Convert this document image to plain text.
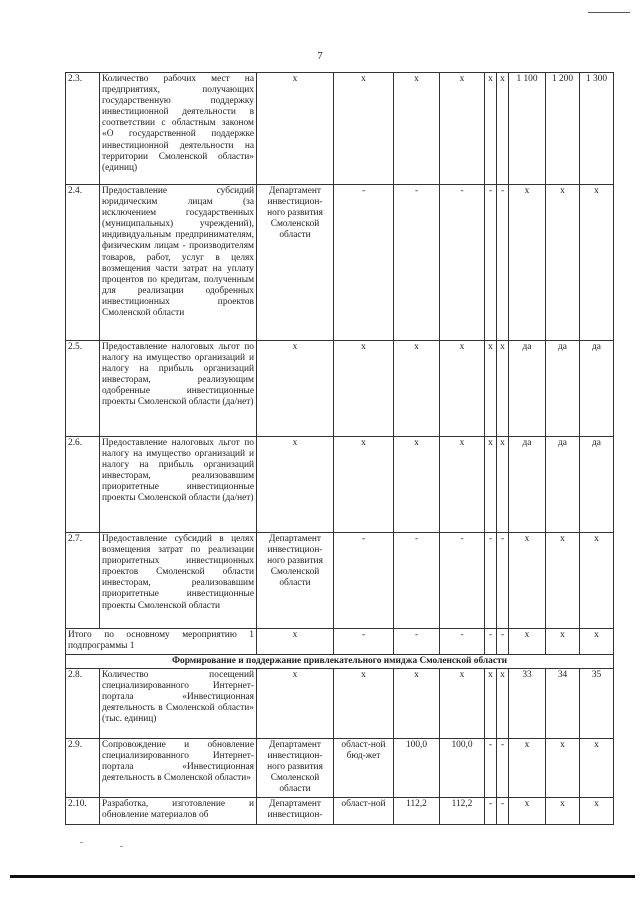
7
2.3.	Количество рабочих мест на предприятиях, получающих государственную поддержку инвестиционной деятельности в соответствии с областным законом «О государственной поддержке инвестиционной деятельности на территории Смоленской области» (единиц)	х	х	х	х	х	х	1 100	1 200	1 300
2.4.	Предоставление субсидий юридическим лицам (за исключением государственных (муниципальных) учреждений), индивидуальным предпринимателям, физическим лицам - производителям товаров, работ, услуг в целях возмещения части затрат на уплату процентов по кредитам, полученным для реализации одобренных инвестиционных проектов Смоленской области	Департамент инвестицион-ного развития Смоленской области	-	-	-	-	-	х	х	х
2.5.	Предоставление налоговых льгот по налогу на имущество организаций и налогу на прибыль организаций инвесторам, реализующим одобренные инвестиционные проекты Смоленской области (да/нет)	х	х	х	х	х	х	да	да	да
2.6.	Предоставление налоговых льгот по налогу на имущество организаций и налогу на прибыль организаций инвесторам, реализовавшим приоритетные инвестиционные проекты Смоленской области (да/нет)	х	х	х	х	х	х	да	да	да
2.7.	Предоставление субсидий в целях возмещения затрат по реализации приоритетных инвестиционных проектов Смоленской области инвесторам, реализовавшим приоритетные инвестиционные проекты Смоленской области	Департамент инвестицион-ного развития Смоленской области	-	-	-	-	-	х	х	х
Итого по основному мероприятию 1 подпрограммы 1		х	-	-	-	-	-	х	х	х
Формирование и поддержание привлекательного имиджа Смоленской области										
2.8.	Количество посещений специализированного Интернет-портала «Инвестиционная деятельность в Смоленской области» (тыс. единиц)	х	х	х	х	х	х	33	34	35
2.9.	Сопровождение и обновление специализированного Интернет-портала «Инвестиционная деятельность в Смоленской области»	Департамент инвестицион-ного развития Смоленской области	област-ной бюд-жет	100,0	100,0	-	-	х	х	х
2.10.	Разработка, изготовление и обновление материалов об	Департамент инвестицион-	област-ной	112,2	112,2	-	-	х	х	х
